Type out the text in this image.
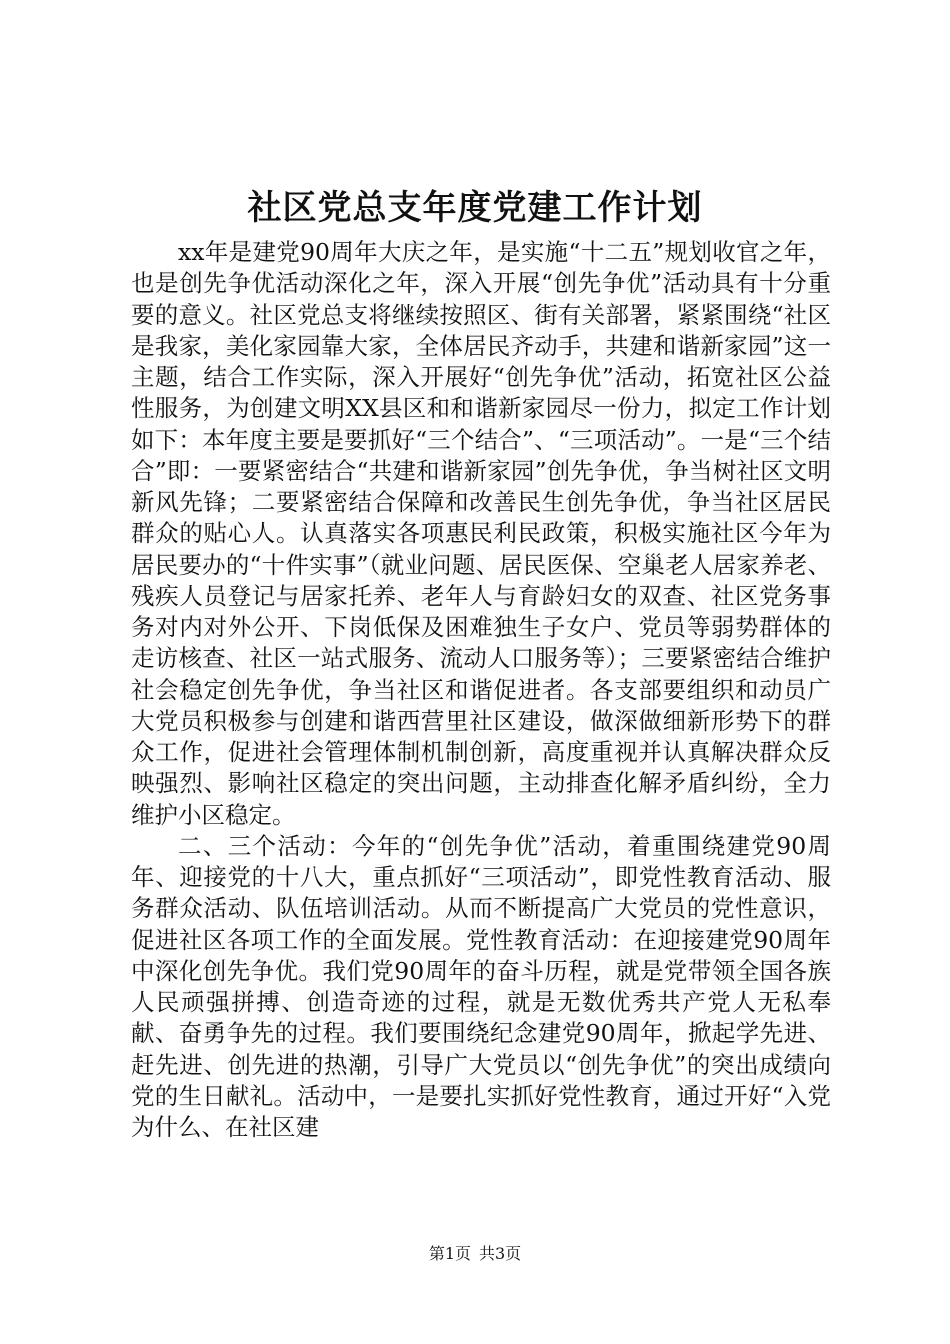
社区党总支年度党建工作计划

xx年是建党90周年大庆之年，是实施“十二五”规划收官之年，也是创先争优活动深化之年，深入开展“创先争优”活动具有十分重要的意义。社区党总支将继续按照区、街有关部署，紧紧围绕“社区是我家，美化家园靠大家，全体居民齐动手，共建和谐新家园”这一主题，结合工作实际，深入开展好“创先争优”活动，拓宽社区公益性服务，为创建文明XX县区和和谐新家园尽一份力，拟定工作计划如下：本年度主要是要抓好“三个结合”、“三项活动”。一是“三个结合”即：一要紧密结合“共建和谐新家园”创先争优，争当树社区文明新风先锋；二要紧密结合保障和改善民生创先争优，争当社区居民群众的贴心人。认真落实各项惠民利民政策，积极实施社区今年为居民要办的“十件实事”（就业问题、居民医保、空巢老人居家养老、残疾人员登记与居家托养、老年人与育龄妇女的双查、社区党务事务对内对外公开、下岗低保及困难独生子女户、党员等弱势群体的走访核查、社区一站式服务、流动人口服务等）；三要紧密结合维护社会稳定创先争优，争当社区和谐促进者。各支部要组织和动员广大党员积极参与创建和谐西营里社区建设，做深做细新形势下的群众工作，促进社会管理体制机制创新，高度重视并认真解决群众反映强烈、影响社区稳定的突出问题，主动排查化解矛盾纠纷，全力维护小区稳定。

二、三个活动：今年的“创先争优”活动，着重围绕建党90周年、迎接党的十八大，重点抓好“三项活动”，即党性教育活动、服务群众活动、队伍培训活动。从而不断提高广大党员的党性意识，促进社区各项工作的全面发展。党性教育活动：在迎接建党90周年中深化创先争优。我们党90周年的奋斗历程，就是党带领全国各族人民顽强拼搏、创造奇迹的过程，就是无数优秀共产党人无私奉献、奋勇争先的过程。我们要围绕纪念建党90周年，掀起学先进、赶先进、创先进的热潮，引导广大党员以“创先争优”的突出成绩向党的生日献礼。活动中，一是要扎实抓好党性教育，通过开好“入党为什么、在社区建

第1页 共3页
